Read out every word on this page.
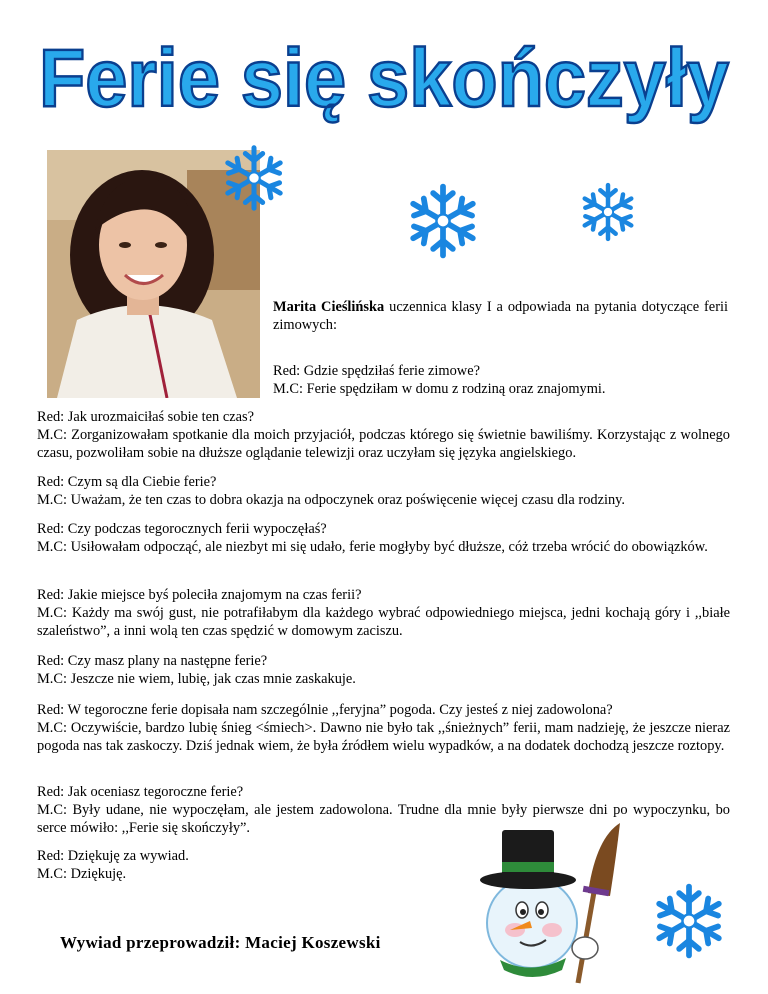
Ferie się skończyły
Marita Cieślińska uczennica klasy I a odpowiada na pytania dotyczące ferii zimowych:

Red: Gdzie spędziłaś ferie zimowe?

M.C: Ferie spędziłam w domu z rodziną oraz znajomymi.

Red: Jak urozmaiciłaś sobie ten czas?

M.C: Zorganizowałam spotkanie dla moich przyjaciół, podczas którego się świetnie bawiliśmy. Korzystając z wolnego czasu, pozwoliłam sobie na dłuższe oglądanie telewizji oraz uczyłam się języka angielskiego.

Red: Czym są dla Ciebie ferie?

M.C: Uważam, że ten czas to dobra okazja na odpoczynek oraz poświęcenie więcej czasu dla rodziny.

Red: Czy podczas tegorocznych ferii wypoczęłaś?

M.C: Usiłowałam odpocząć, ale niezbyt mi się udało, ferie mogłyby być dłuższe, cóż trzeba wrócić do obowiązków.

Red: Jakie miejsce byś poleciła znajomym na czas ferii?

M.C: Każdy ma swój gust, nie potrafiłabym dla każdego wybrać odpowiedniego miejsca, jedni kochają góry i ,,białe szaleństwo”, a inni wolą ten czas spędzić w domowym zaciszu.

Red: Czy masz plany na następne ferie?

M.C: Jeszcze nie wiem, lubię, jak czas mnie zaskakuje.

Red: W tegoroczne ferie dopisała nam szczególnie ,,feryjna” pogoda. Czy jesteś z niej zadowolona?

M.C: Oczywiście, bardzo lubię śnieg <śmiech>. Dawno nie było tak ,,śnieżnych” ferii, mam nadzieję, że jeszcze nieraz pogoda nas tak zaskoczy. Dziś jednak wiem, że była źródłem wielu wypadków, a na dodatek dochodzą jeszcze roztopy.

Red: Jak oceniasz tegoroczne ferie?

M.C: Były udane, nie wypoczęłam, ale jestem zadowolona. Trudne dla mnie były pierwsze dni po wypoczynku, bo serce mówiło: ,,Ferie się skończyły”.

Red: Dziękuję za wywiad.

M.C: Dziękuję.

Wywiad przeprowadził: Maciej Koszewski
